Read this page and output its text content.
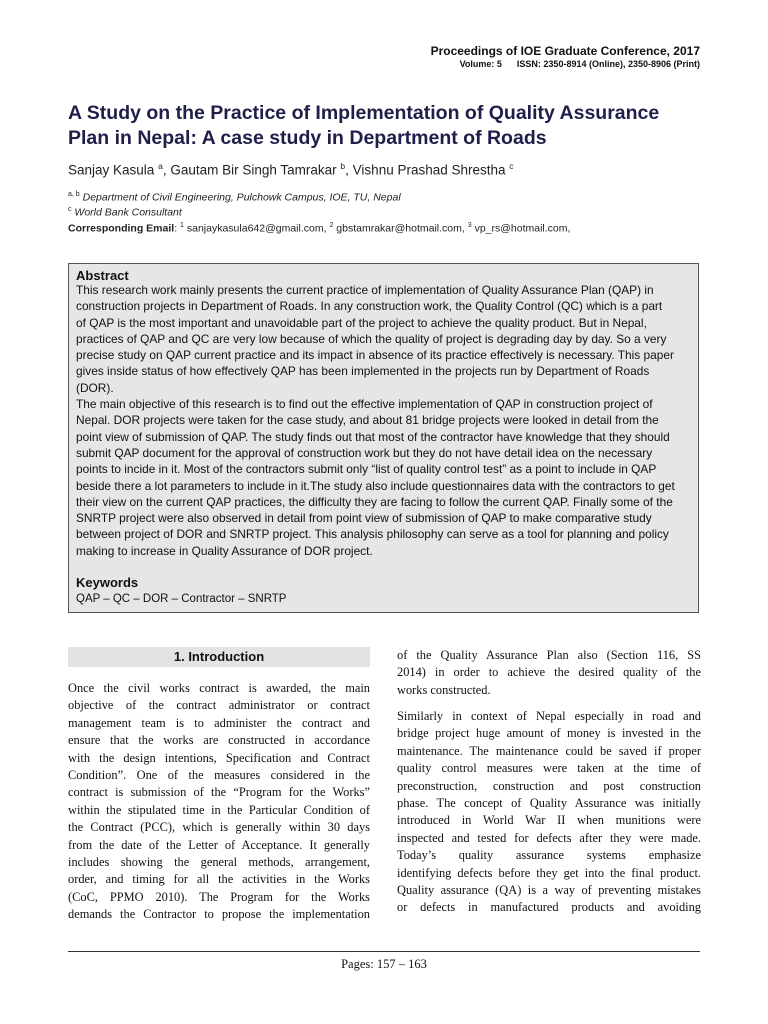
Proceedings of IOE Graduate Conference, 2017
Volume: 5 ISSN: 2350-8914 (Online), 2350-8906 (Print)
A Study on the Practice of Implementation of Quality Assurance
Plan in Nepal: A case study in Department of Roads
Sanjay Kasula $^a$, Gautam Bir Singh Tamrakar $^b$, Vishnu Prashad Shrestha $^c$
$^{a, b}$ Department of Civil Engineering, Pulchowk Campus, IOE, TU, Nepal
$^c$ World Bank Consultant
Corresponding Email: $^1$ sanjaykasula642@gmail.com, $^2$ gbstamrakar@hotmail.com, $^3$ vp_rs@hotmail.com,
Abstract

This research work mainly presents the current practice of implementation of Quality Assurance Plan (QAP) in
construction projects in Department of Roads. In any construction work, the Quality Control (QC) which is a part
of QAP is the most important and unavoidable part of the project to achieve the quality product. But in Nepal,
practices of QAP and QC are very low because of which the quality of project is degrading day by day. So a very
precise study on QAP current practice and its impact in absence of its practice effectively is necessary. This paper
gives inside status of how effectively QAP has been implemented in the projects run by Department of Roads
(DOR).

The main objective of this research is to find out the effective implementation of QAP in construction project of
Nepal. DOR projects were taken for the case study, and about 81 bridge projects were looked in detail from the
point view of submission of QAP. The study finds out that most of the contractor have knowledge that they should
submit QAP document for the approval of construction work but they do not have detail idea on the necessary
points to incide in it. Most of the contractors submit only “list of quality control test” as a point to include in QAP
beside there a lot parameters to include in it.The study also include questionnaires data with the contractors to get
their view on the current QAP practices, the difficulty they are facing to follow the current QAP. Finally some of the
SNRTP project were also observed in detail from point view of submission of QAP to make comparative study
between project of DOR and SNRTP project. This analysis philosophy can serve as a tool for planning and policy
making to increase in Quality Assurance of DOR project.

Keywords
QAP – QC – DOR – Contractor – SNRTP
1. Introduction
Once the civil works contract is awarded, the main
objective of the contract administrator or contract
management team is to administer the contract and
ensure that the works are constructed in accordance
with the design intentions, Specification and Contract
Condition”. One of the measures considered in the
contract is submission of the “Program for the Works”
within the stipulated time in the Particular Condition of
the Contract (PCC), which is generally within 30 days
from the date of the Letter of Acceptance. It generally
includes showing the general methods, arrangement,
order, and timing for all the activities in the Works
(CoC, PPMO 2010). The Program for the Works
demands the Contractor to propose the implementation
of the Quality Assurance Plan also (Section 116, SS
2014) in order to achieve the desired quality of the
works constructed.
Similarly in context of Nepal especially in road and
bridge project huge amount of money is invested in the
maintenance. The maintenance could be saved if proper
quality control measures were taken at the time of
preconstruction, construction and post construction
phase. The concept of Quality Assurance was initially
introduced in World War II when munitions were
inspected and tested for defects after they were made.
Today’s quality assurance systems emphasize
identifying defects before they get into the final product.
Quality assurance (QA) is a way of preventing mistakes
or defects in manufactured products and avoiding
Pages: 157 – 163
